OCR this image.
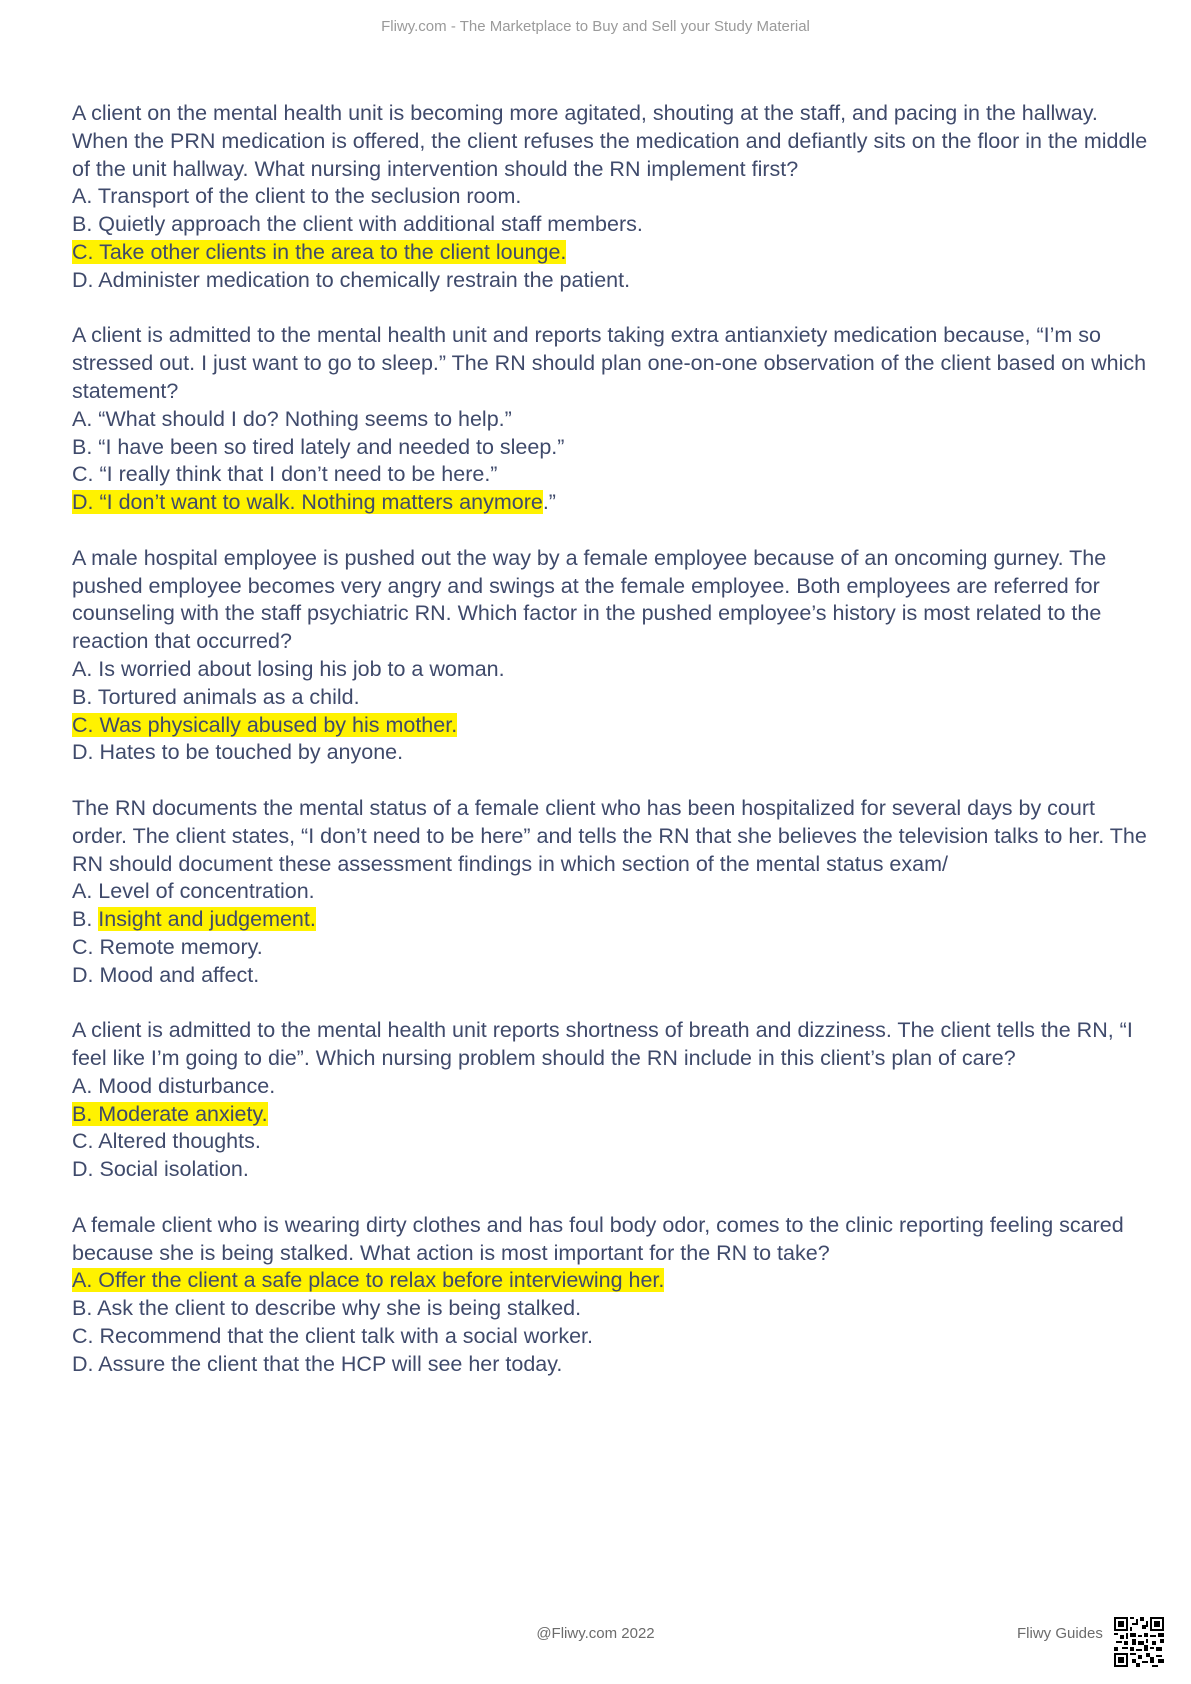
Fliwy.com - The Marketplace to Buy and Sell your Study Material

A client on the mental health unit is becoming more agitated, shouting at the staff, and pacing in the hallway. When the PRN medication is offered, the client refuses the medication and defiantly sits on the floor in the middle of the unit hallway. What nursing intervention should the RN implement first?

A. Transport of the client to the seclusion room.

B. Quietly approach the client with additional staff members.

C. Take other clients in the area to the client lounge.

D. Administer medication to chemically restrain the patient.

A client is admitted to the mental health unit and reports taking extra antianxiety medication because, “I’m so stressed out. I just want to go to sleep.” The RN should plan one-on-one observation of the client based on which statement?

A. “What should I do? Nothing seems to help.”

B. “I have been so tired lately and needed to sleep.”

C. “I really think that I don’t need to be here.”

D. “I don’t want to walk. Nothing matters anymore.”

A male hospital employee is pushed out the way by a female employee because of an oncoming gurney. The pushed employee becomes very angry and swings at the female employee. Both employees are referred for counseling with the staff psychiatric RN. Which factor in the pushed employee’s history is most related to the reaction that occurred?

A. Is worried about losing his job to a woman.

B. Tortured animals as a child.

C. Was physically abused by his mother.

D. Hates to be touched by anyone.

The RN documents the mental status of a female client who has been hospitalized for several days by court order. The client states, “I don’t need to be here” and tells the RN that she believes the television talks to her. The RN should document these assessment findings in which section of the mental status exam/

A. Level of concentration.

B. Insight and judgement.

C. Remote memory.

D. Mood and affect.

A client is admitted to the mental health unit reports shortness of breath and dizziness. The client tells the RN, “I feel like I’m going to die”. Which nursing problem should the RN include in this client’s plan of care?

A. Mood disturbance.

B. Moderate anxiety.

C. Altered thoughts.

D. Social isolation.

A female client who is wearing dirty clothes and has foul body odor, comes to the clinic reporting feeling scared because she is being stalked. What action is most important for the RN to take?

A. Offer the client a safe place to relax before interviewing her.

B. Ask the client to describe why she is being stalked.

C. Recommend that the client talk with a social worker.

D. Assure the client that the HCP will see her today.

@Fliwy.com 2022	Fliwy Guides
